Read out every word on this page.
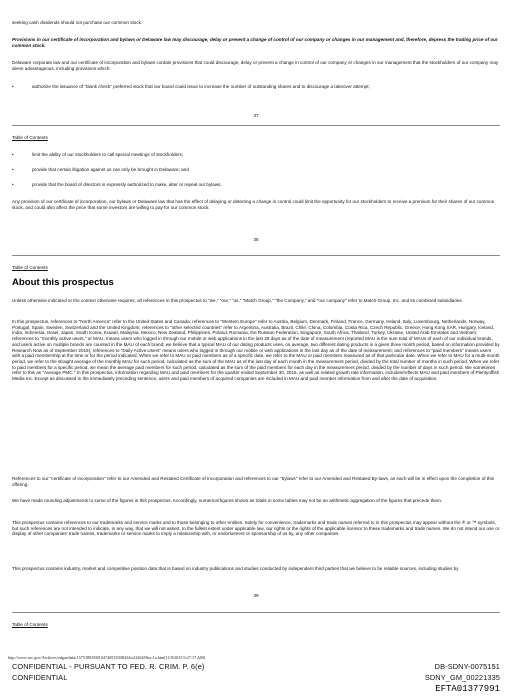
seeking cash dividends should not purchase our common stock.

Provisions in our certificate of incorporation and bylaws or Delaware law may discourage, delay or prevent a change of control of our company or changes in our management and, therefore, depress the trading price of our common stock.

Delaware corporate law and our certificate of incorporation and bylaws contain provisions that could discourage, delay or prevent a change in control of our company or changes in our management that the stockholders of our company may deem advantageous, including provisions which:

•	authorize the issuance of "blank check" preferred stock that our board could issue to increase the number of outstanding shares and to discourage a takeover attempt;
37
Table of Contents
•	limit the ability of our stockholders to call special meetings of stockholders;
•	provide that certain litigation against us can only be brought in Delaware; and
•	provide that the board of directors is expressly authorized to make, alter or repeal our bylaws.

Any provision of our certificate of incorporation, our bylaws or Delaware law that has the effect of delaying or deterring a change in control could limit the opportunity for our stockholders to receive a premium for their shares of our common stock, and could also affect the price that some investors are willing to pay for our common stock.

38
Table of Contents
About this prospectus

Unless otherwise indicated or the context otherwise requires, all references in this prospectus to "we," "our," "us," "Match Group," "the Company," and "our company" refer to Match Group, Inc. and its combined subsidiaries.

In this prospectus, references to "North America" refer to the United States and Canada; references to "Western Europe" refer to Austria, Belgium, Denmark, Finland, France, Germany, Ireland, Italy, Luxembourg, Netherlands, Norway, Portugal, Spain, Sweden, Switzerland and the United Kingdom; references to "other selected countries" refer to Argentina, Australia, Brazil, Chile, China, Colombia, Costa Rica, Czech Republic, Greece, Hong Kong SAR, Hungary, Iceland, India, Indonesia, Israel, Japan, South Korea, Kuwait, Malaysia, Mexico, New Zealand, Philippines, Poland, Romania, the Russian Federation, Singapore, South Africa, Thailand, Turkey, Ukraine, United Arab Emirates and Vietnam; references to "monthly active users," or MAU, means users who logged in through our mobile or web applications in the last 28 days as of the date of measurement (reported MAU is the sum total of MAUs of each of our individual brands, and users active on multiple brands are counted in the MAU of each brand; we believe that a typical MAU of our dating products uses, on average, two different dating products in a given three month period, based on information provided by Research Now as of September 2015); references to "Daily Active Users" means users who logged in through our mobile or web applications in the last day as of the date of measurement; and references to "paid members" means users with a paid membership at the time or for the period indicated. When we refer to MAU or paid members as of a specific date, we refer to the MAU or paid members measured as of that particular date. When we refer to MAU for a multi-month period, we refer to the straight average of the monthly MAU for such period, calculated as the sum of the MAU as of the last day of each month in the measurement period, divided by the total number of months in such period. When we refer to paid members for a specific period, we mean the average paid members for such period, calculated as the sum of the paid members for each day in the measurement period, divided by the number of days in such period. We sometimes refer to this as "Average PMC." In this prospectus, information regarding MAU and paid members for the quarter ended September 30, 2015, as well as related growth rate information, includes/reflects MAU and paid members of Plentyoffish Media Inc. Except as discussed in the immediately preceding sentence, users and paid members of acquired companies are included in MAU and paid member information from and after the date of acquisition.

References to our "certificate of incorporation" refer to our Amended and Restated Certificate of Incorporation and references to our "bylaws" refer to our Amended and Restated By-laws, as each will be in effect upon the completion of this offering.

We have made rounding adjustments to some of the figures in this prospectus. Accordingly, numerical figures shown as totals in some tables may not be an arithmetic aggregation of the figures that precede them.

This prospectus contains references to our trademarks and service marks and to those belonging to other entities. Solely for convenience, trademarks and trade names referred to in this prospectus may appear without the ® or ™ symbols, but such references are not intended to indicate, in any way, that we will not assert, to the fullest extent under applicable law, our rights or the rights of the applicable licensor to these trademarks and trade names. We do not intend our use or display of other companies' trade names, trademarks or service marks to imply a relationship with, or endorsement or sponsorship of us by, any other companies.

This prospectus contains industry, market and competitive position data that is based on industry publications and studies conducted by independent third parties that we believe to be reliable sources, including studies by

39
Table of Contents
http://www.sec.gov/Archives/edgar/data/1575189/000104746915008434/a2226458zs-1a.htm[11/9/2015 9:27:17 AM]
CONFIDENTIAL - PURSUANT TO FED. R. CRIM. P. 6(e)
CONFIDENTIAL
DB-SDNY-0075151
SDNY_GM_00221335
EFTA01377991
